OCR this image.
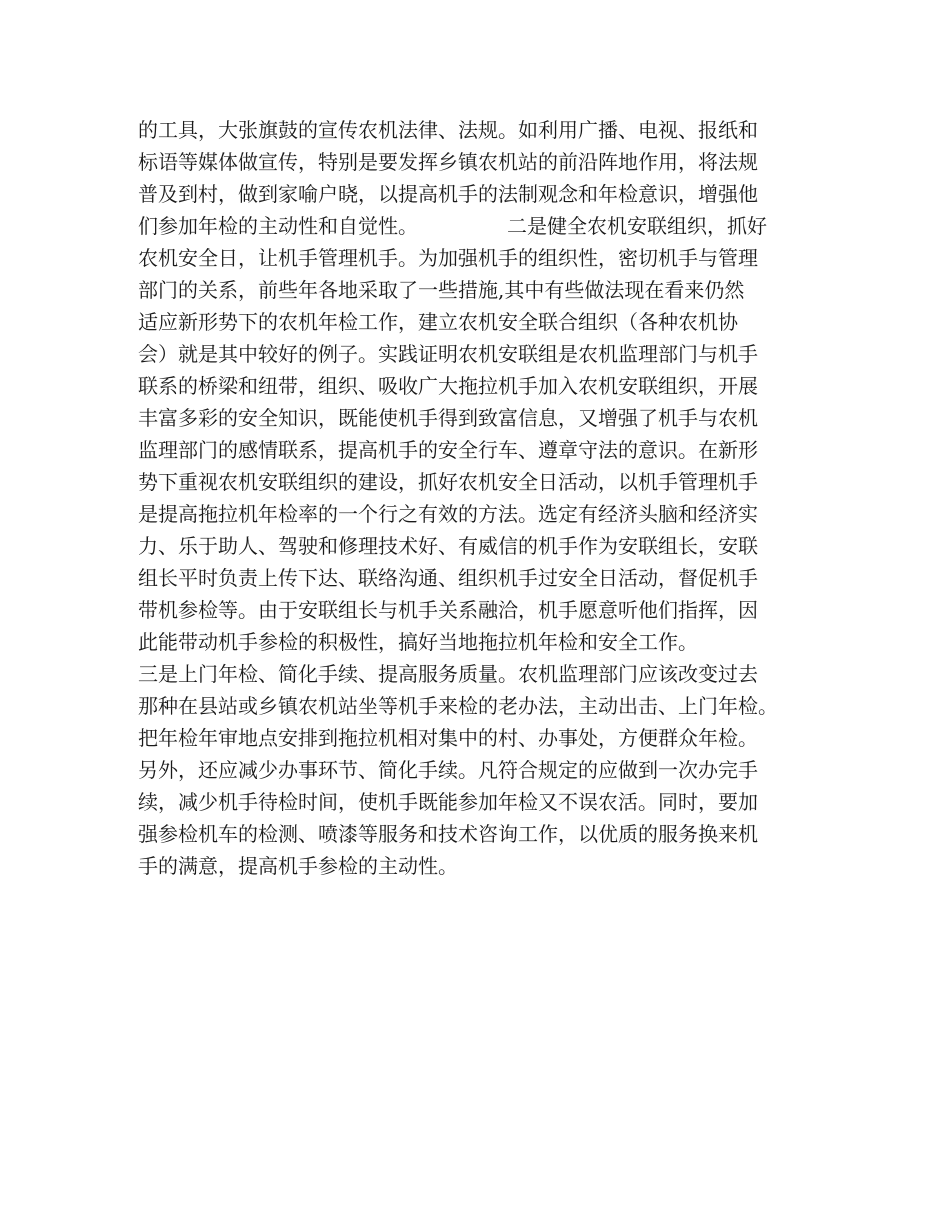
的工具，大张旗鼓的宣传农机法律、法规。如利用广播、电视、报纸和
标语等媒体做宣传，特别是要发挥乡镇农机站的前沿阵地作用，将法规
普及到村，做到家喻户晓，以提高机手的法制观念和年检意识，增强他
们参加年检的主动性和自觉性。              二是健全农机安联组织，抓好
农机安全日，让机手管理机手。为加强机手的组织性，密切机手与管理
部门的关系，前些年各地采取了一些措施,其中有些做法现在看来仍然
适应新形势下的农机年检工作，建立农机安全联合组织（各种农机协
会）就是其中较好的例子。实践证明农机安联组是农机监理部门与机手
联系的桥梁和纽带，组织、吸收广大拖拉机手加入农机安联组织，开展
丰富多彩的安全知识，既能使机手得到致富信息，又增强了机手与农机
监理部门的感情联系，提高机手的安全行车、遵章守法的意识。在新形
势下重视农机安联组织的建设，抓好农机安全日活动，以机手管理机手
是提高拖拉机年检率的一个行之有效的方法。选定有经济头脑和经济实
力、乐于助人、驾驶和修理技术好、有威信的机手作为安联组长，安联
组长平时负责上传下达、联络沟通、组织机手过安全日活动，督促机手
带机参检等。由于安联组长与机手关系融洽，机手愿意听他们指挥，因
此能带动机手参检的积极性，搞好当地拖拉机年检和安全工作。
三是上门年检、简化手续、提高服务质量。农机监理部门应该改变过去
那种在县站或乡镇农机站坐等机手来检的老办法，主动出击、上门年检。
把年检年审地点安排到拖拉机相对集中的村、办事处，方便群众年检。
另外，还应减少办事环节、简化手续。凡符合规定的应做到一次办完手
续，减少机手待检时间，使机手既能参加年检又不误农活。同时，要加
强参检机车的检测、喷漆等服务和技术咨询工作，以优质的服务换来机
手的满意，提高机手参检的主动性。
